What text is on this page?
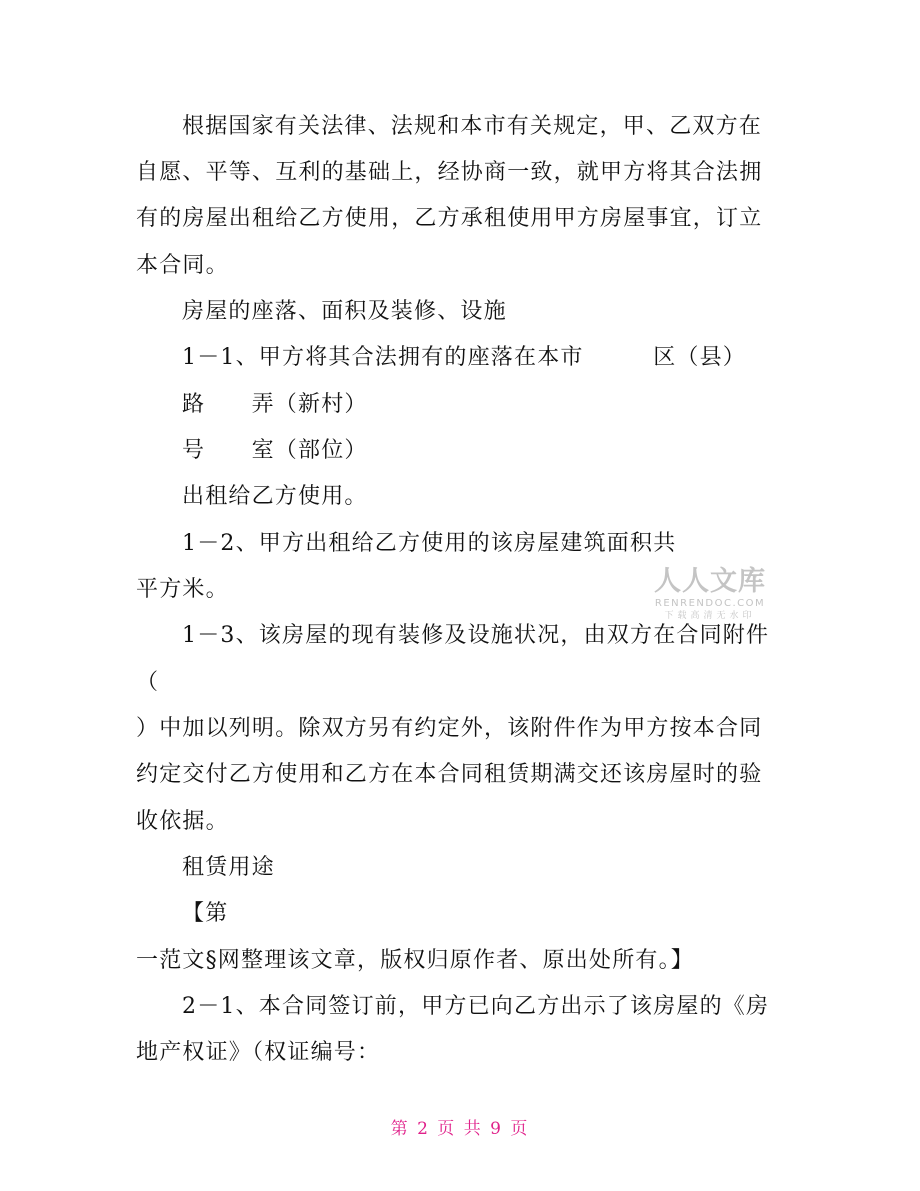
根据国家有关法律、法规和本市有关规定，甲、乙双方在
自愿、平等、互利的基础上，经协商一致，就甲方将其合法拥
有的房屋出租给乙方使用，乙方承租使用甲方房屋事宜，订立
本合同。
房屋的座落、面积及装修、设施
1－1、甲方将其合法拥有的座落在本市　　　区（县）
路　　弄（新村）
号　　室（部位）
出租给乙方使用。
1－2、甲方出租给乙方使用的该房屋建筑面积共
平方米。
1－3、该房屋的现有装修及设施状况，由双方在合同附件
（
）中加以列明。除双方另有约定外，该附件作为甲方按本合同
约定交付乙方使用和乙方在本合同租赁期满交还该房屋时的验
收依据。
租赁用途
【第
一范文§网整理该文章，版权归原作者、原出处所有。】
2－1、本合同签订前，甲方已向乙方出示了该房屋的《房
地产权证》（权证编号：
人人文库
RENRENDOC.COM
下载高清无水印
第 2 页 共 9 页
